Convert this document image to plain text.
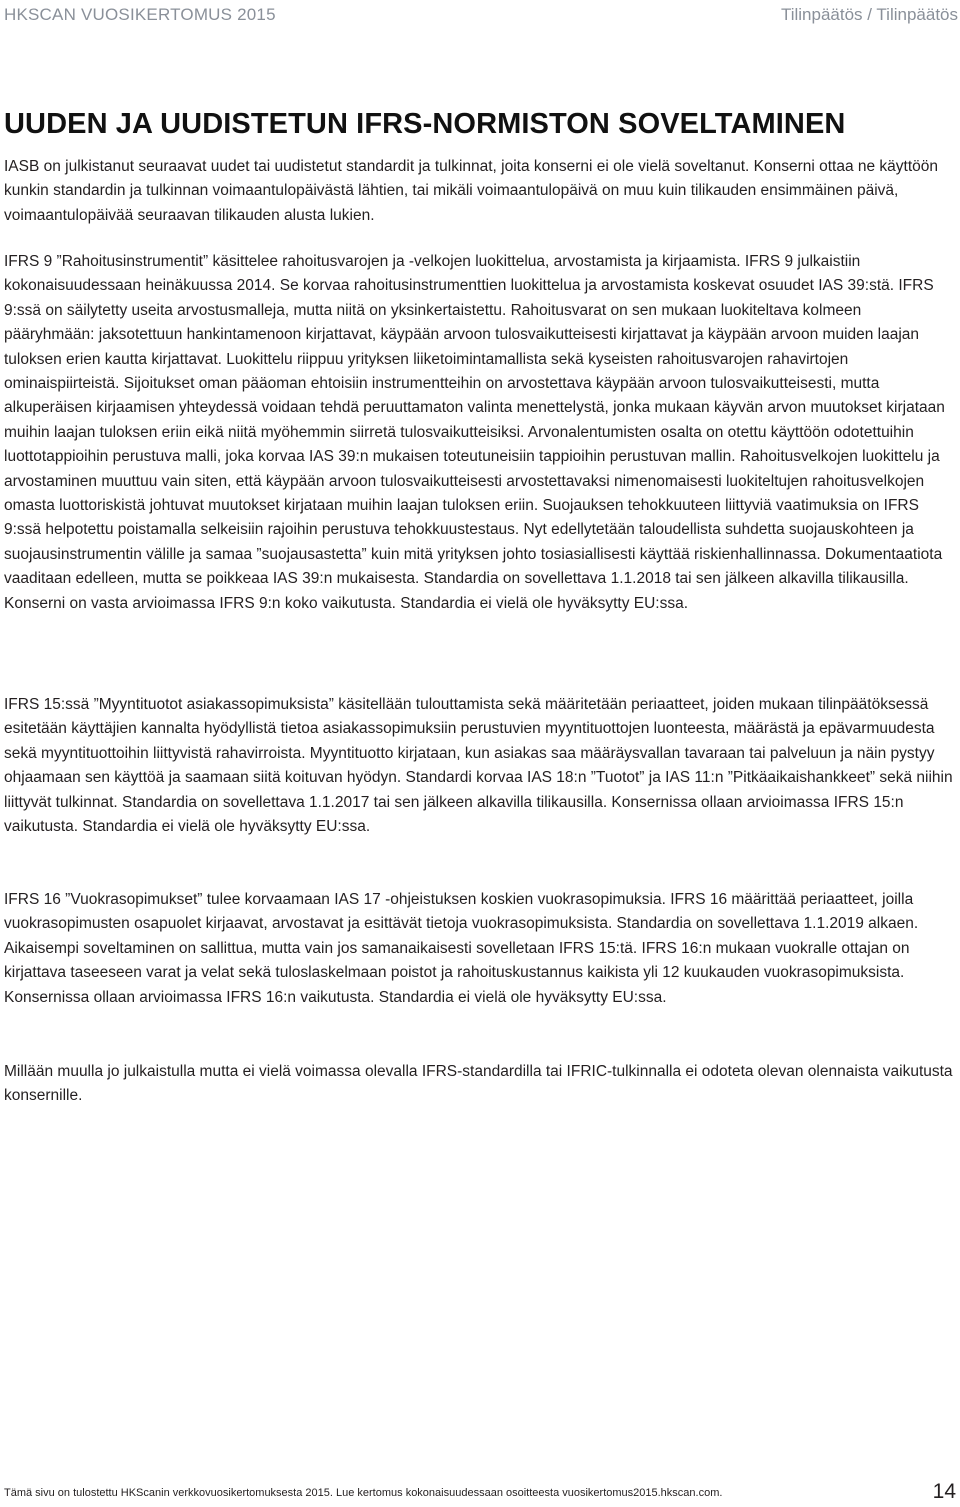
HKSCAN VUOSIKERTOMUS 2015	Tilinpäätös / Tilinpäätös
UUDEN JA UUDISTETUN IFRS-NORMISTON SOVELTAMINEN

IASB on julkistanut seuraavat uudet tai uudistetut standardit ja tulkinnat, joita konserni ei ole vielä soveltanut. Konserni ottaa ne käyttöön kunkin standardin ja tulkinnan voimaantulopäivästä lähtien, tai mikäli voimaantulopäivä on muu kuin tilikauden ensimmäinen päivä, voimaantulopäivää seuraavan tilikauden alusta lukien.

IFRS 9 ”Rahoitusinstrumentit” käsittelee rahoitusvarojen ja -velkojen luokittelua, arvostamista ja kirjaamista. IFRS 9 julkaistiin kokonaisuudessaan heinäkuussa 2014. Se korvaa rahoitusinstrumenttien luokittelua ja arvostamista koskevat osuudet IAS 39:stä. IFRS 9:ssä on säilytetty useita arvostusmalleja, mutta niitä on yksinkertaistettu. Rahoitusvarat on sen mukaan luokiteltava kolmeen pääryhmään: jaksotettuun hankintamenoon kirjattavat, käypään arvoon tulosvaikutteisesti kirjattavat ja käypään arvoon muiden laajan tuloksen erien kautta kirjattavat. Luokittelu riippuu yrityksen liiketoimintamallista sekä kyseisten rahoitusvarojen rahavirtojen ominaispiirteistä. Sijoitukset oman pääoman ehtoisiin instrumentteihin on arvostettava käypään arvoon tulosvaikutteisesti, mutta alkuperäisen kirjaamisen yhteydessä voidaan tehdä peruuttamaton valinta menettelystä, jonka mukaan käyvän arvon muutokset kirjataan muihin laajan tuloksen eriin eikä niitä myöhemmin siirretä tulosvaikutteisiksi. Arvonalentumisten osalta on otettu käyttöön odotettuihin luottotappioihin perustuva malli, joka korvaa IAS 39:n mukaisen toteutuneisiin tappioihin perustuvan mallin. Rahoitusvelkojen luokittelu ja arvostaminen muuttuu vain siten, että käypään arvoon tulosvaikutteisesti arvostettavaksi nimenomaisesti luokiteltujen rahoitusvelkojen omasta luottoriskistä johtuvat muutokset kirjataan muihin laajan tuloksen eriin. Suojauksen tehokkuuteen liittyviä vaatimuksia on IFRS 9:ssä helpotettu poistamalla selkeisiin rajoihin perustuva tehokkuustestaus. Nyt edellytetään taloudellista suhdetta suojauskohteen ja suojausinstrumentin välille ja samaa ”suojausastetta” kuin mitä yrityksen johto tosiasiallisesti käyttää riskienhallinnassa. Dokumentaatiota vaaditaan edelleen, mutta se poikkeaa IAS 39:n mukaisesta. Standardia on sovellettava 1.1.2018 tai sen jälkeen alkavilla tilikausilla. Konserni on vasta arvioimassa IFRS 9:n koko vaikutusta. Standardia ei vielä ole hyväksytty EU:ssa.

IFRS 15:ssä ”Myyntituotot asiakassopimuksista” käsitellään tulouttamista sekä määritetään periaatteet, joiden mukaan tilinpäätöksessä esitetään käyttäjien kannalta hyödyllistä tietoa asiakassopimuksiin perustuvien myyntituottojen luonteesta, määrästä ja epävarmuudesta sekä myyntituottoihin liittyvistä rahavirroista. Myyntituotto kirjataan, kun asiakas saa määräysvallan tavaraan tai palveluun ja näin pystyy ohjaamaan sen käyttöä ja saamaan siitä koituvan hyödyn. Standardi korvaa IAS 18:n ”Tuotot” ja IAS 11:n ”Pitkäaikaishankkeet” sekä niihin liittyvät tulkinnat. Standardia on sovellettava 1.1.2017 tai sen jälkeen alkavilla tilikausilla. Konsernissa ollaan arvioimassa IFRS 15:n vaikutusta. Standardia ei vielä ole hyväksytty EU:ssa.

IFRS 16 ”Vuokrasopimukset” tulee korvaamaan IAS 17 -ohjeistuksen koskien vuokrasopimuksia. IFRS 16 määrittää periaatteet, joilla vuokrasopimusten osapuolet kirjaavat, arvostavat ja esittävät tietoja vuokrasopimuksista. Standardia on sovellettava 1.1.2019 alkaen. Aikaisempi soveltaminen on sallittua, mutta vain jos samanaikaisesti sovelletaan IFRS 15:tä. IFRS 16:n mukaan vuokralle ottajan on kirjattava taseeseen varat ja velat sekä tuloslaskelmaan poistot ja rahoituskustannus kaikista yli 12 kuukauden vuokrasopimuksista. Konsernissa ollaan arvioimassa IFRS 16:n vaikutusta. Standardia ei vielä ole hyväksytty EU:ssa.

Millään muulla jo julkaistulla mutta ei vielä voimassa olevalla IFRS-standardilla tai IFRIC-tulkinnalla ei odoteta olevan olennaista vaikutusta konsernille.

Tämä sivu on tulostettu HKScanin verkkovuosikertomuksesta 2015. Lue kertomus kokonaisuudessaan osoitteesta vuosikertomus2015.hkscan.com.	14
